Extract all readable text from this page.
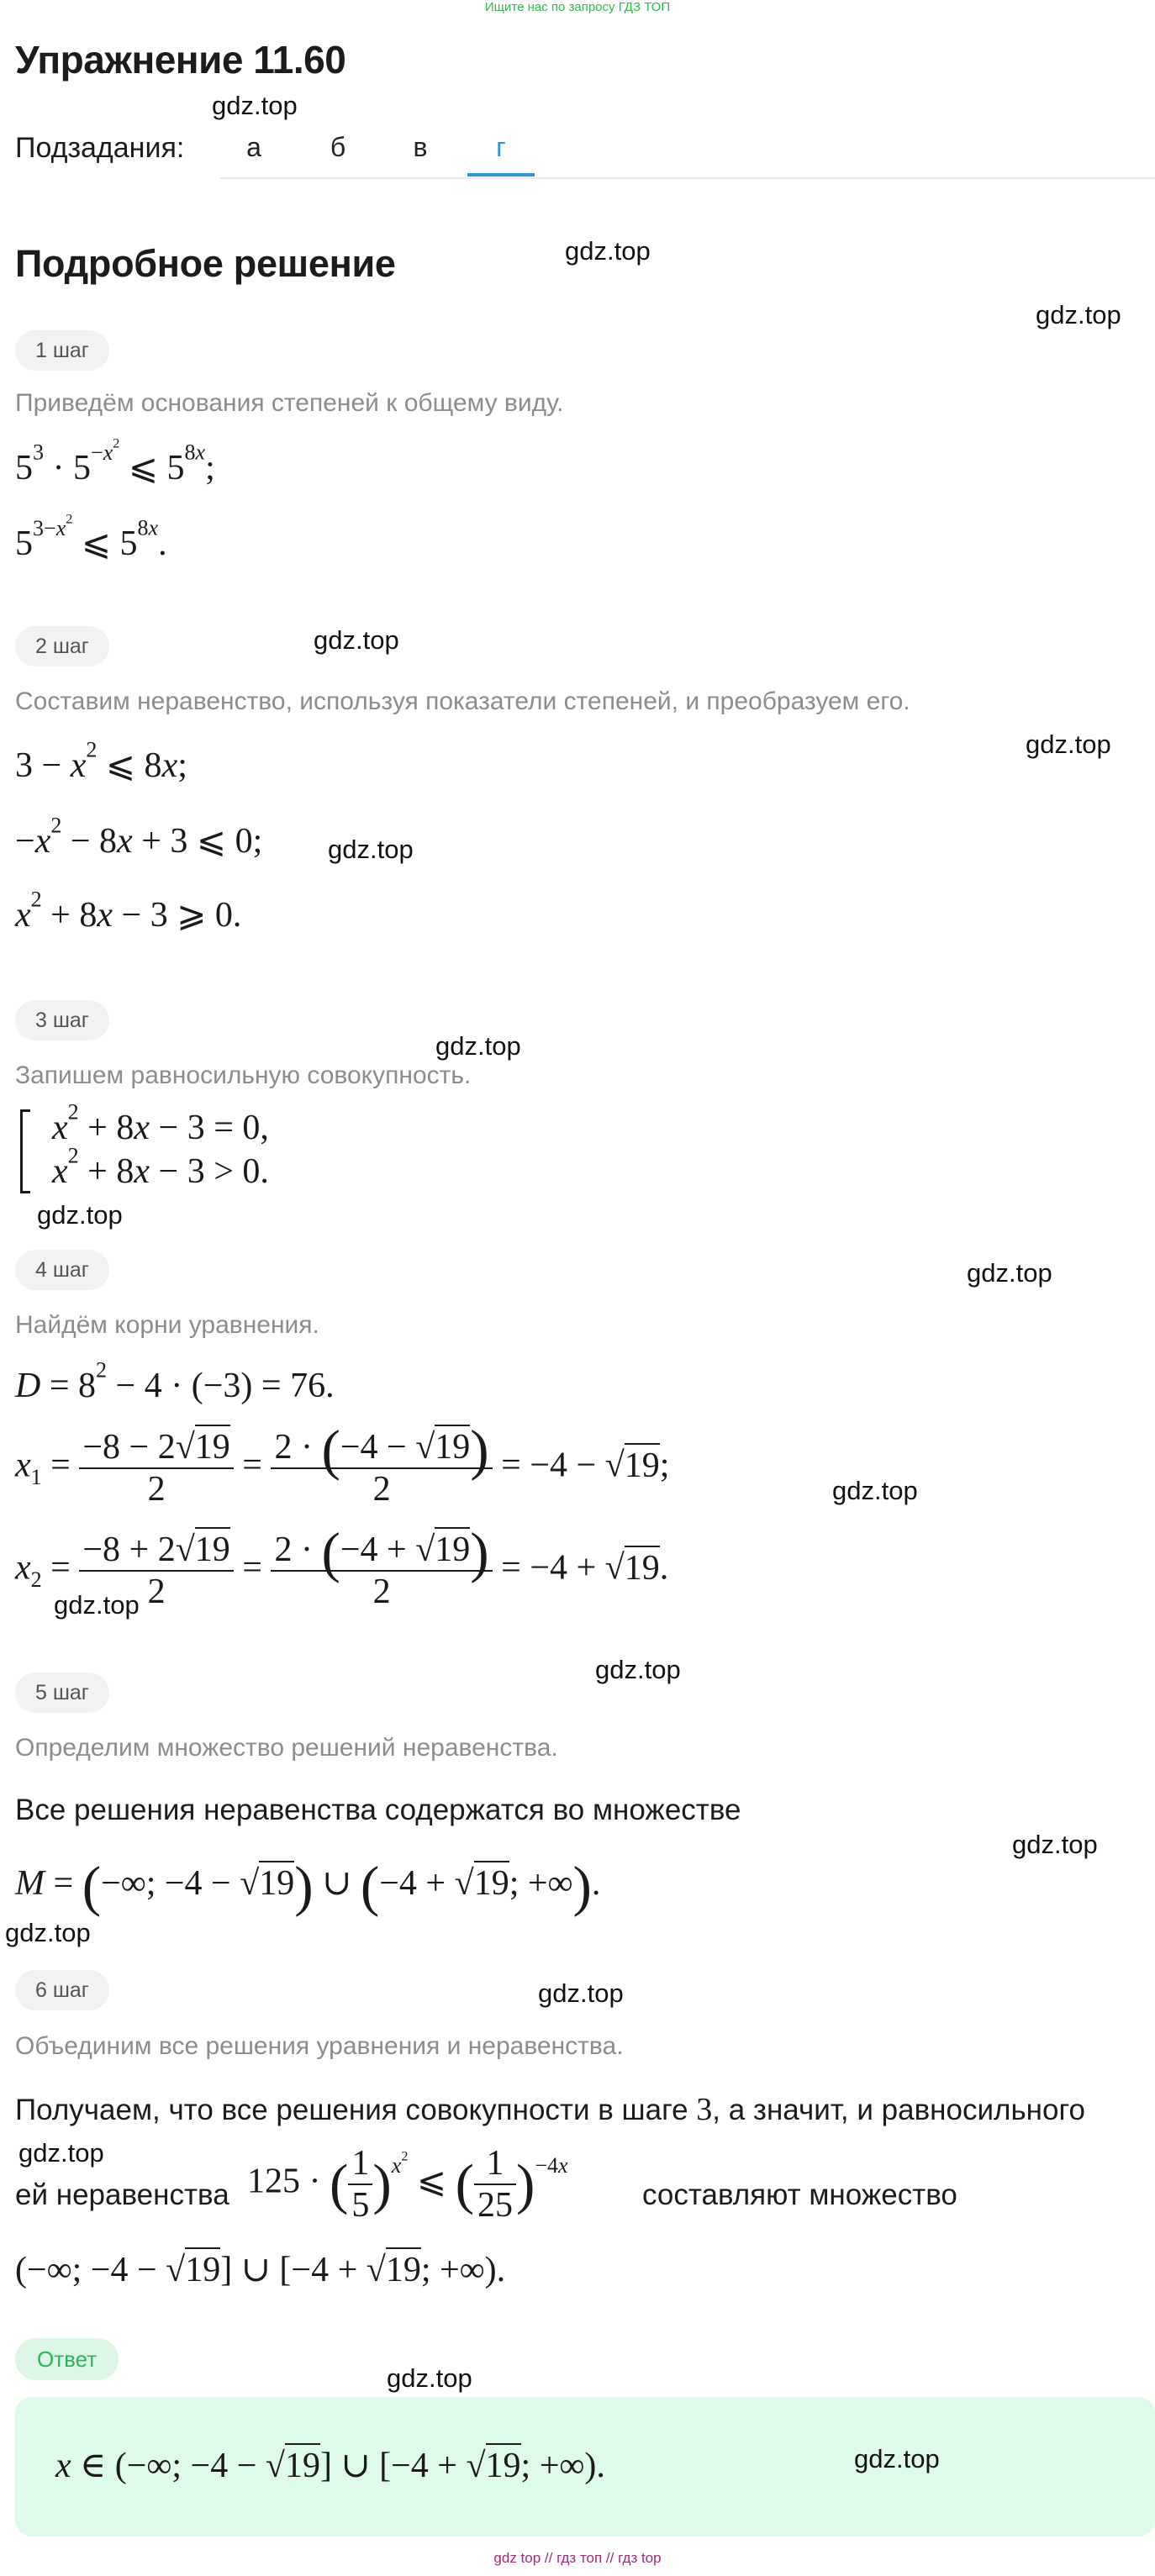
Ищите нас по запросу ГДЗ ТОП
Упражнение 11.60
gdz.top
Подзадания:	а	б	в	г
Подробное решение	gdz.top
gdz.top
1 шаг
Приведём основания степеней к общему виду.
$5^3 \cdot 5^{-x^2}$ ⩽ $5^{8x}$;
$5^{3-x^2}$ ⩽ $5^{8x}$.
2 шаг	gdz.top
Составим неравенство, используя показатели степеней, и преобразуем его.
gdz.top
$3 - x^2$ ⩽ 8x;
$-x^2 - 8x + 3$ ⩽ 0;	gdz.top
$x^2 + 8x - 3$ ⩾ 0.
3 шаг
gdz.top
Запишем равносильную совокупность.
$x^2 + 8x - 3 = 0$,
$x^2 + 8x - 3 > 0$.
gdz.top
4 шаг	gdz.top
Найдём корни уравнения.
$D = 8^2 - 4 \cdot (-3) = 76$.
$x_1 = \frac{-8 - 2√19}{2} = \frac{2 \cdot (-4 - √19)}{2} = -4 - √19$;
gdz.top
$x_2 = \frac{-8 + 2√19}{2} = \frac{2 \cdot (-4 + √19)}{2} = -4 + √19$.
gdz.top
gdz.top
5 шаг
Определим множество решений неравенства.
Все решения неравенства содержатся во множестве
gdz.top
M = (−∞; −4 − √19) ∪ (−4 + √19; +∞).
gdz.top
6 шаг	gdz.top
Объединим все решения уравнения и неравенства.
Получаем, что все решения совокупности в шаге 3, а значит, и равносильного
gdz.top
ей неравенства 125 · ( $\frac{1}{5} )^{x^2}$ ⩽ ( $\frac{1}{25} )^{-4x}$
составляют множество
(−∞; −4 − √19] ∪ [−4 + √19; +∞).
Ответ
gdz.top
x ∈ (−∞; −4 − √19] ∪ [−4 + √19; +∞).	gdz.top
gdz top // гдз топ // гдз top
